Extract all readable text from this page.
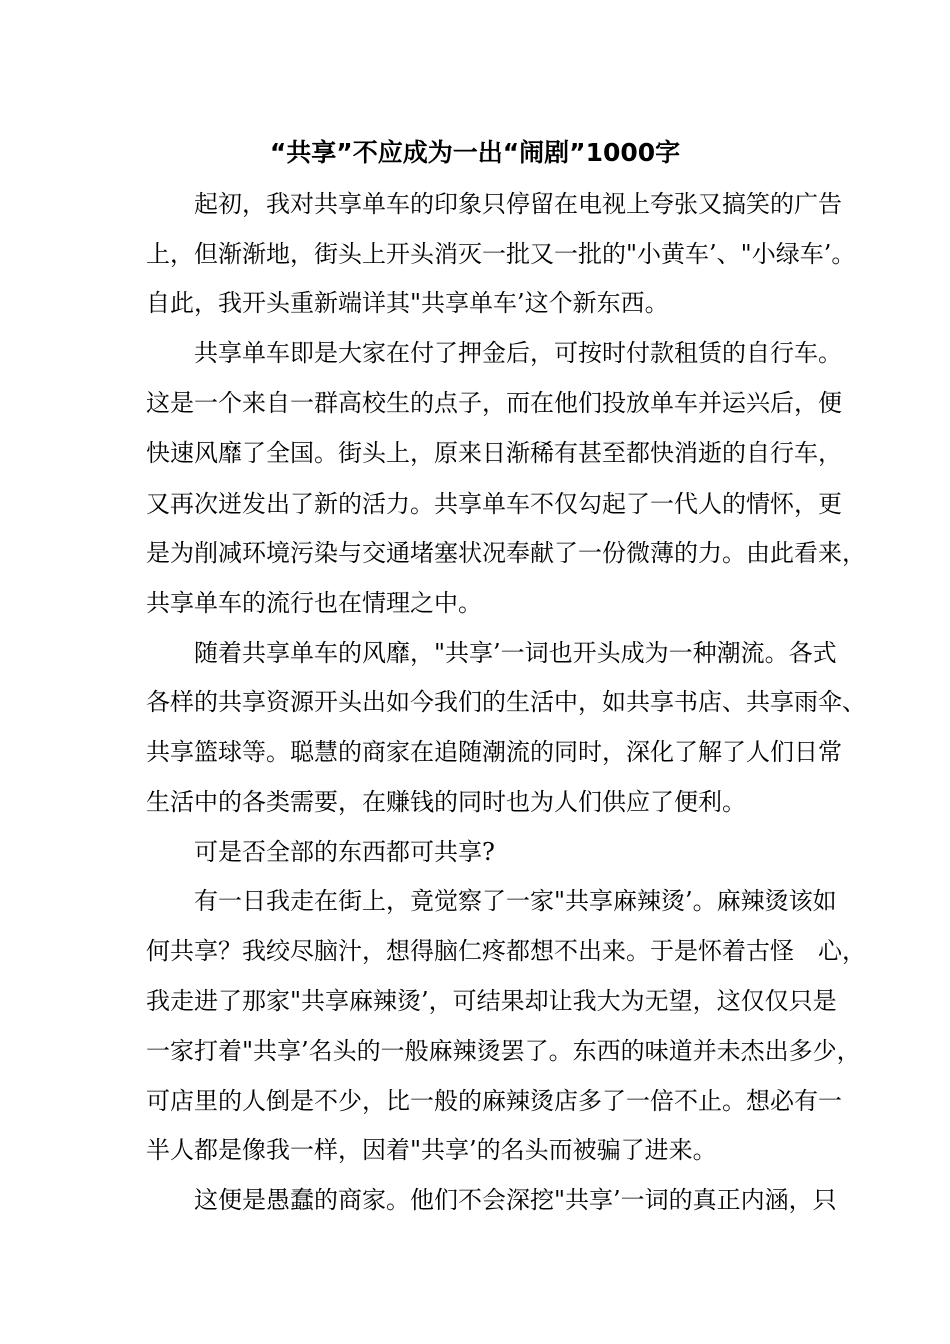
“共享”不应成为一出“闹剧”1000字

起初，我对共享单车的印象只停留在电视上夸张又搞笑的广告

上，但渐渐地，街头上开头消灭一批又一批的"小黄车’、"小绿车’。

自此，我开头重新端详其"共享单车’这个新东西。

共享单车即是大家在付了押金后，可按时付款租赁的自行车。

这是一个来自一群高校生的点子，而在他们投放单车并运兴后，便

快速风靡了全国。街头上，原来日渐稀有甚至都快消逝的自行车，

又再次迸发出了新的活力。共享单车不仅勾起了一代人的情怀，更

是为削减环境污染与交通堵塞状况奉献了一份微薄的力。由此看来，

共享单车的流行也在情理之中。

随着共享单车的风靡，"共享’一词也开头成为一种潮流。各式

各样的共享资源开头出如今我们的生活中，如共享书店、共享雨伞、

共享篮球等。聪慧的商家在追随潮流的同时，深化了解了人们日常

生活中的各类需要，在赚钱的同时也为人们供应了便利。

可是否全部的东西都可共享?

有一日我走在街上，竟觉察了一家"共享麻辣烫’。麻辣烫该如

何共享？我绞尽脑汁，想得脑仁疼都想不出来。于是怀着古怪　心，

我走进了那家"共享麻辣烫’，可结果却让我大为无望，这仅仅只是

一家打着"共享’名头的一般麻辣烫罢了。东西的味道并未杰出多少，

可店里的人倒是不少，比一般的麻辣烫店多了一倍不止。想必有一

半人都是像我一样，因着"共享’的名头而被骗了进来。

这便是愚蠢的商家。他们不会深挖"共享’一词的真正内涵，只
